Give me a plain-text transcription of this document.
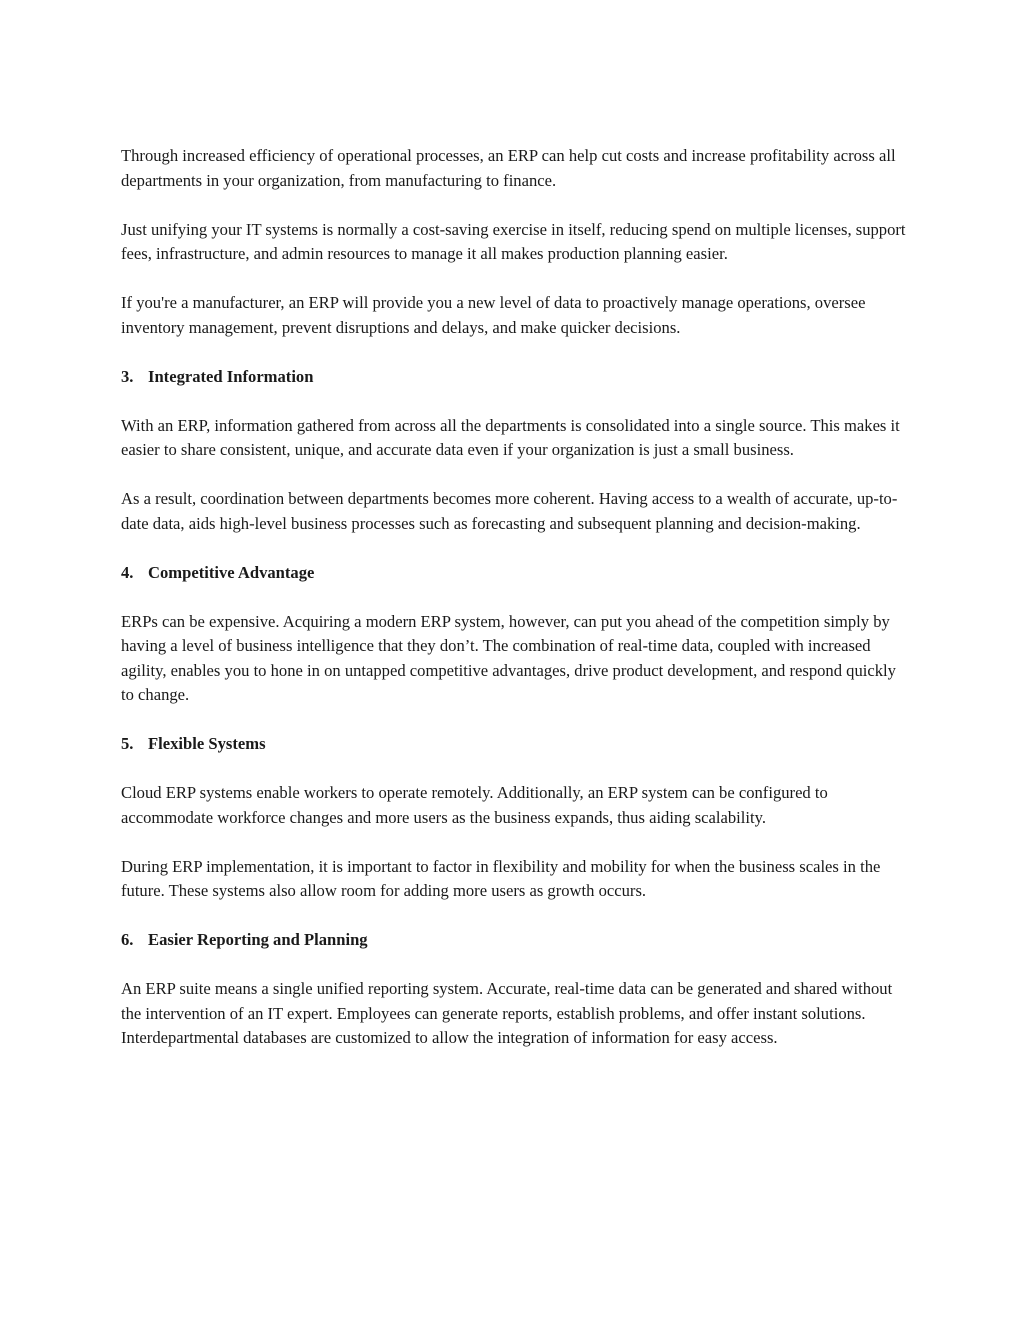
Through increased efficiency of operational processes, an ERP can help cut costs and increase profitability across all departments in your organization, from manufacturing to finance.

Just unifying your IT systems is normally a cost-saving exercise in itself, reducing spend on multiple licenses, support fees, infrastructure, and admin resources to manage it all makes production planning easier.

If you're a manufacturer, an ERP will provide you a new level of data to proactively manage operations, oversee inventory management, prevent disruptions and delays, and make quicker decisions.

3. Integrated Information

With an ERP, information gathered from across all the departments is consolidated into a single source. This makes it easier to share consistent, unique, and accurate data even if your organization is just a small business.

As a result, coordination between departments becomes more coherent. Having access to a wealth of accurate, up-to-date data, aids high-level business processes such as forecasting and subsequent planning and decision-making.

4. Competitive Advantage

ERPs can be expensive. Acquiring a modern ERP system, however, can put you ahead of the competition simply by having a level of business intelligence that they don’t. The combination of real-time data, coupled with increased agility, enables you to hone in on untapped competitive advantages, drive product development, and respond quickly to change.

5. Flexible Systems

Cloud ERP systems enable workers to operate remotely. Additionally, an ERP system can be configured to accommodate workforce changes and more users as the business expands, thus aiding scalability.

During ERP implementation, it is important to factor in flexibility and mobility for when the business scales in the future. These systems also allow room for adding more users as growth occurs.

6. Easier Reporting and Planning

An ERP suite means a single unified reporting system. Accurate, real-time data can be generated and shared without the intervention of an IT expert. Employees can generate reports, establish problems, and offer instant solutions. Interdepartmental databases are customized to allow the integration of information for easy access.
